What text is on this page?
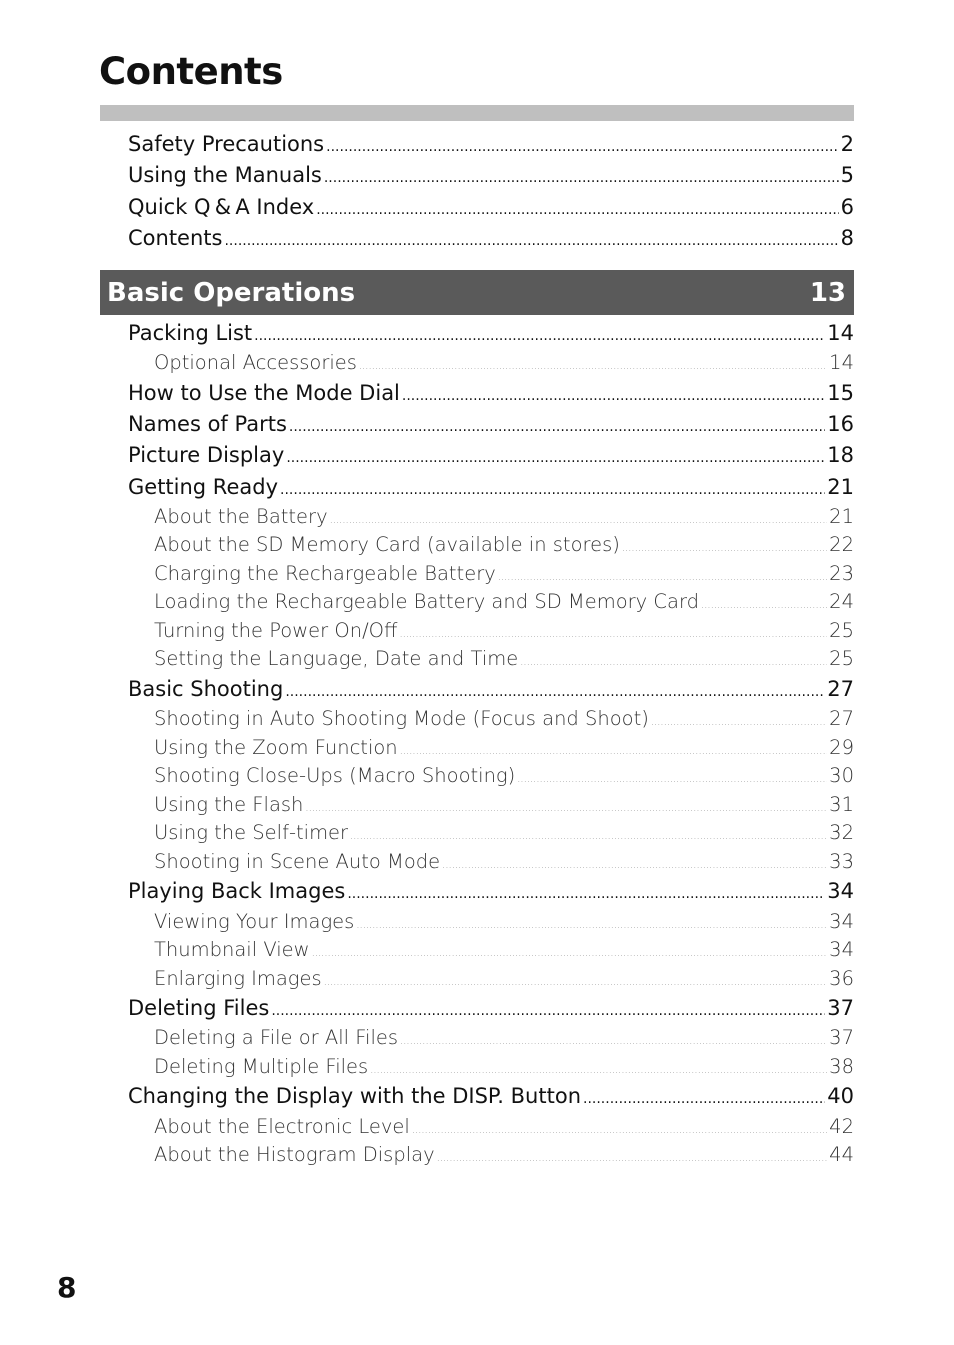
Contents
Safety Precautions .....	2
Using the Manuals .....	5
Quick Q & A Index .....	6
Contents .....	8
Basic Operations	13
Packing List .....	14
Optional Accessories .....	14
How to Use the Mode Dial .....	15
Names of Parts .....	16
Picture Display .....	18
Getting Ready .....	21
About the Battery .....	21
About the SD Memory Card (available in stores) .....	22
Charging the Rechargeable Battery .....	23
Loading the Rechargeable Battery and SD Memory Card .....	24
Turning the Power On/Off .....	25
Setting the Language, Date and Time .....	25
Basic Shooting .....	27
Shooting in Auto Shooting Mode (Focus and Shoot) .....	27
Using the Zoom Function .....	29
Shooting Close-Ups (Macro Shooting) .....	30
Using the Flash .....	31
Using the Self-timer .....	32
Shooting in Scene Auto Mode .....	33
Playing Back Images .....	34
Viewing Your Images .....	34
Thumbnail View .....	34
Enlarging Images .....	36
Deleting Files .....	37
Deleting a File or All Files .....	37
Deleting Multiple Files .....	38
Changing the Display with the DISP. Button .....	40
About the Electronic Level .....	42
About the Histogram Display .....	44
8
